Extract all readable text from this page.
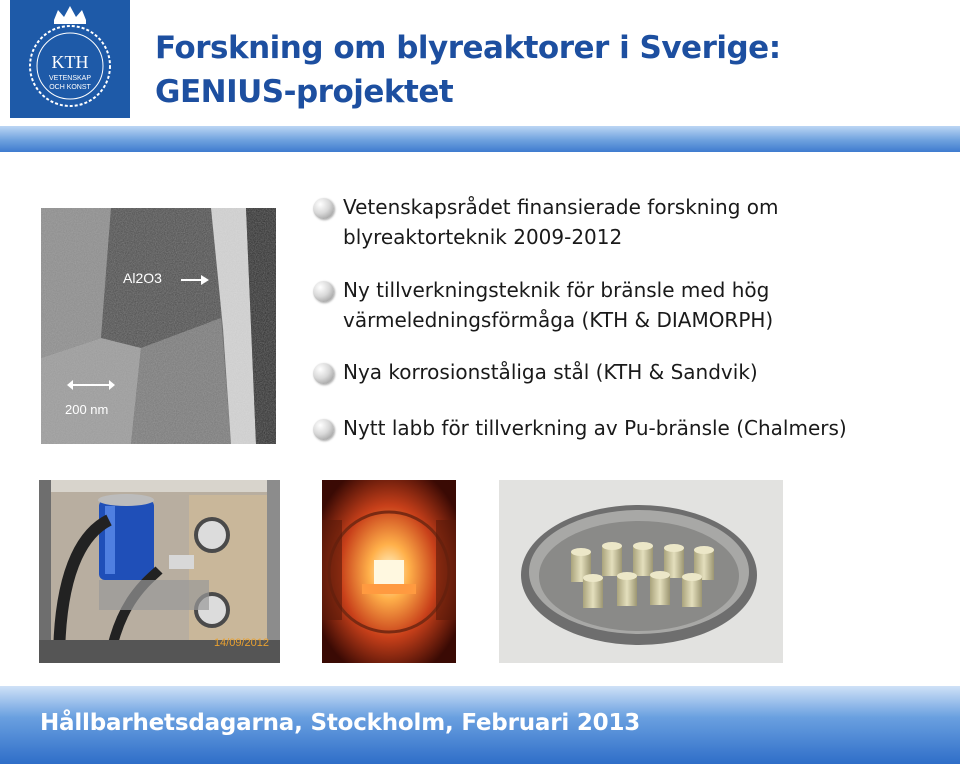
KTH
VETENSKAP
OCH KONST
Forskning om blyreaktorer i Sverige:
GENIUS-projektet
Al2O3
200 nm
Vetenskapsrådet finansierade forskning om
blyreaktorteknik 2009-2012
Ny tillverkningsteknik för bränsle med hög
värmeledningsförmåga (KTH & DIAMORPH)
Nya korrosionståliga stål (KTH & Sandvik)
Nytt labb för tillverkning av Pu-bränsle (Chalmers)
14/09/2012
Hållbarhetsdagarna, Stockholm, Februari 2013
